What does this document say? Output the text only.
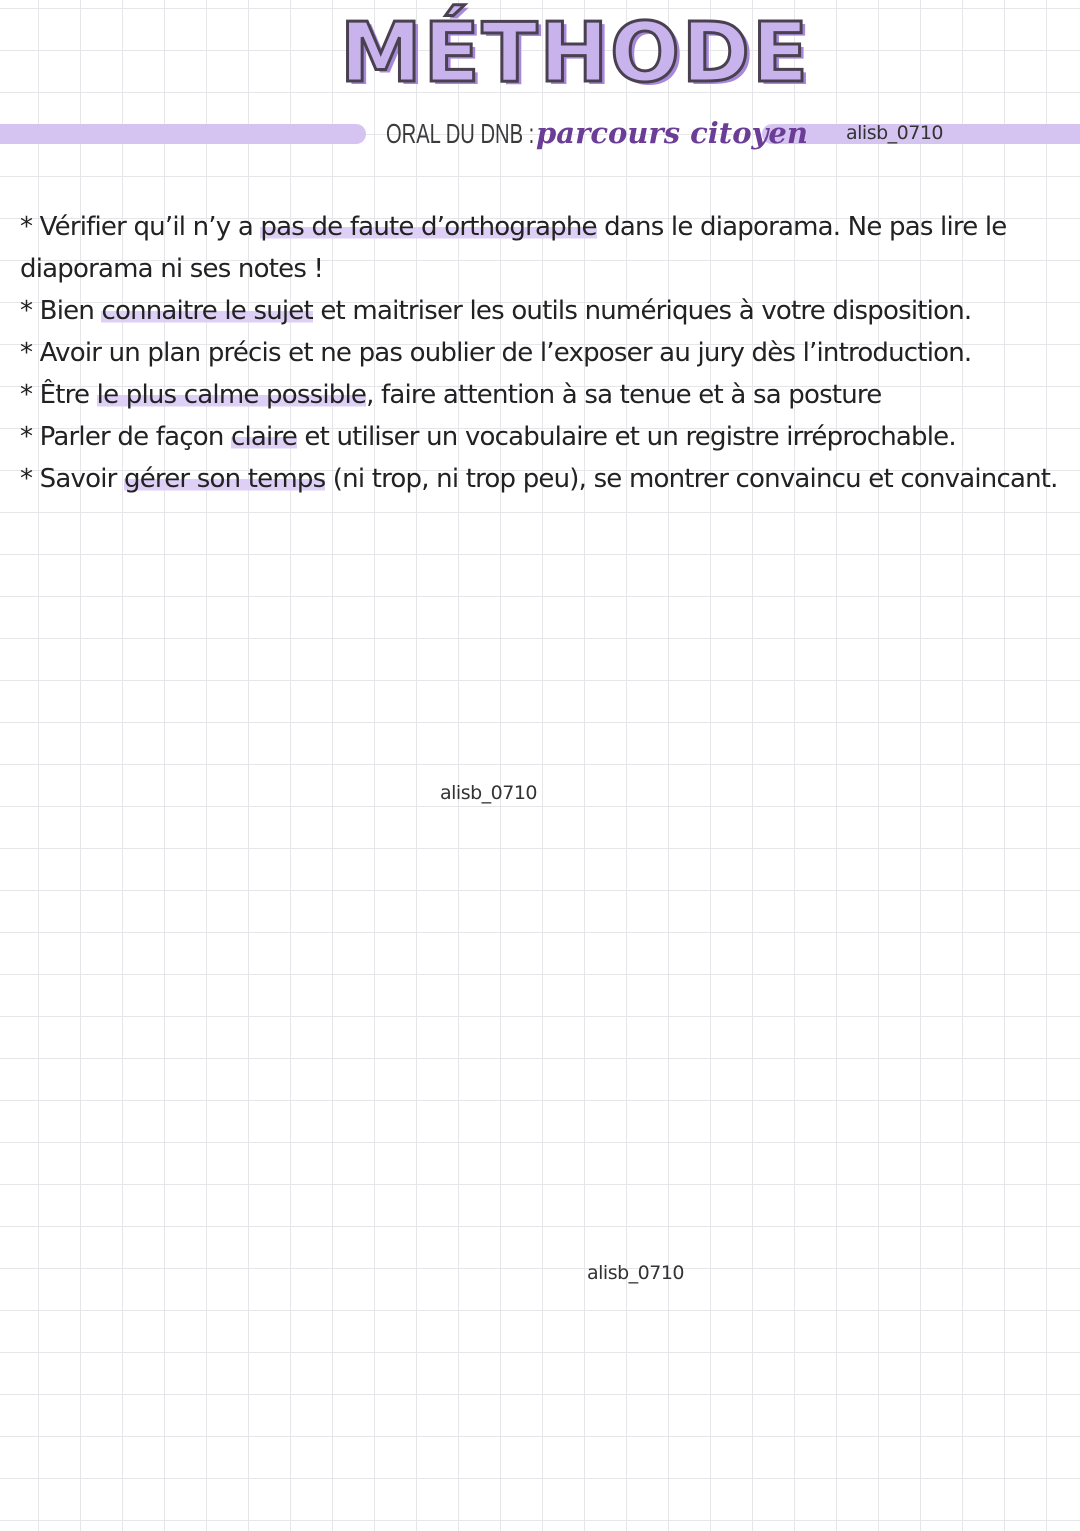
MÉTHODE
ORAL DU DNB : parcours citoyen alisb_0710

* Vérifier qu’il n’y a pas de faute d’orthographe dans le diaporama. Ne pas lire le diaporama ni ses notes !

* Bien connaitre le sujet et maitriser les outils numériques à votre disposition.

* Avoir un plan précis et ne pas oublier de l’exposer au jury dès l’introduction.

* Être le plus calme possible, faire attention à sa tenue et à sa posture

* Parler de façon claire et utiliser un vocabulaire et un registre irréprochable.

* Savoir gérer son temps (ni trop, ni trop peu), se montrer convaincu et convaincant.

alisb_0710
alisb_0710
